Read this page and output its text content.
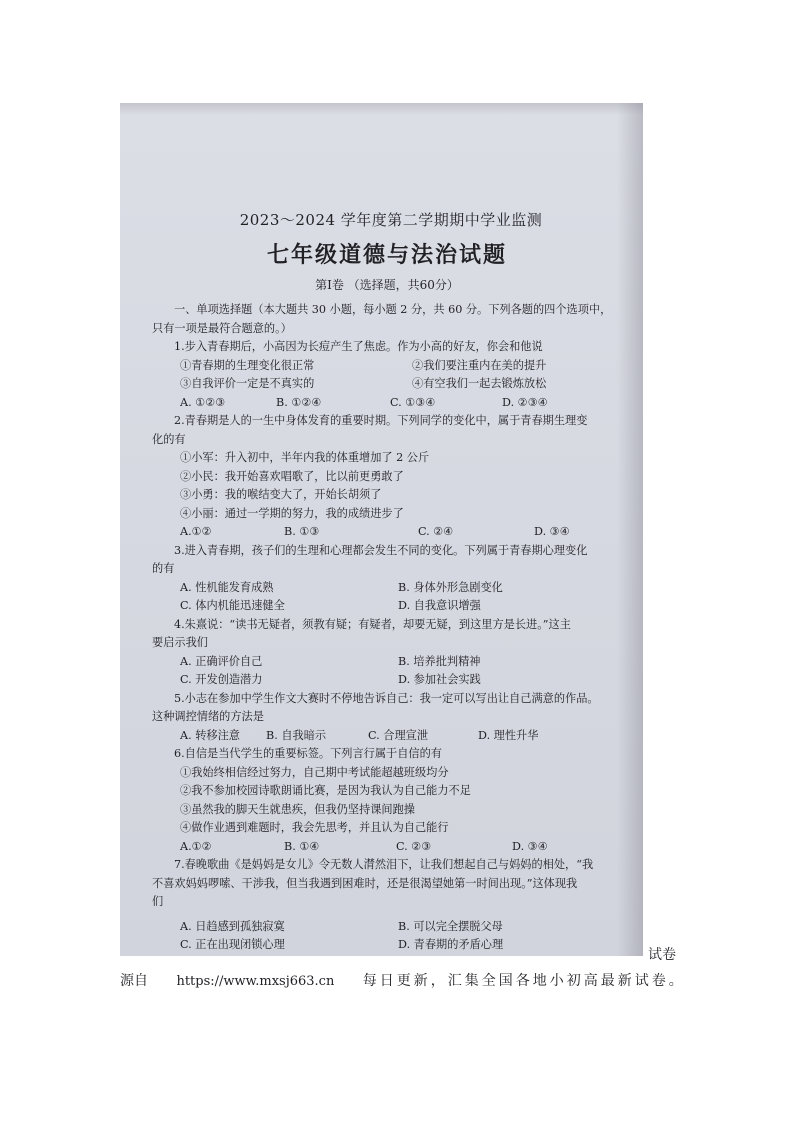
2023～2024 学年度第二学期期中学业监测
七年级道德与法治试题
第Ⅰ卷 （选择题，共60分）
一、单项选择题（本大题共 30 小题，每小题 2 分，共 60 分。下列各题的四个选项中，
只有一项是最符合题意的。）
1.步入青春期后，小高因为长痘产生了焦虑。作为小高的好友，你会和他说
①青春期的生理变化很正常	②我们要注重内在美的提升
③自我评价一定是不真实的	④有空我们一起去锻炼放松
A. ①②③	B. ①②④	C. ①③④	D. ②③④
2.青春期是人的一生中身体发育的重要时期。下列同学的变化中，属于青春期生理变
化的有
①小军：升入初中，半年内我的体重增加了 2 公斤
②小民：我开始喜欢唱歌了，比以前更勇敢了
③小勇：我的喉结变大了，开始长胡须了
④小丽：通过一学期的努力，我的成绩进步了
A.①②	B. ①③	C. ②④	D. ③④
3.进入青春期，孩子们的生理和心理都会发生不同的变化。下列属于青春期心理变化
的有
A. 性机能发育成熟	B. 身体外形急剧变化
C. 体内机能迅速健全	D. 自我意识增强
4.朱熹说：“读书无疑者，须教有疑；有疑者，却要无疑，到这里方是长进。”这主
要启示我们
A. 正确评价自己	B. 培养批判精神
C. 开发创造潜力	D. 参加社会实践
5.小志在参加中学生作文大赛时不停地告诉自己：我一定可以写出让自己满意的作品。
这种调控情绪的方法是
A. 转移注意	B. 自我暗示	C. 合理宣泄	D. 理性升华
6.自信是当代学生的重要标签。下列言行属于自信的有
①我始终相信经过努力，自己期中考试能超越班级均分
②我不参加校园诗歌朗诵比赛，是因为我认为自己能力不足
③虽然我的脚天生就患疾，但我仍坚持课间跑操
④做作业遇到难题时，我会先思考，并且认为自己能行
A.①②	B. ①④	C. ②③	D. ③④
7.春晚歌曲《是妈妈是女儿》令无数人潸然泪下，让我们想起自己与妈妈的相处，“我
不喜欢妈妈啰嗦、干涉我，但当我遇到困难时，还是很渴望她第一时间出现。”这体现我
们
A. 日趋感到孤独寂寞	B. 可以完全摆脱父母
C. 正在出现闭锁心理	D. 青春期的矛盾心理
试卷
源自 https://www.mxsj663.cn 每日更新，汇集全国各地小初高最新试卷。
